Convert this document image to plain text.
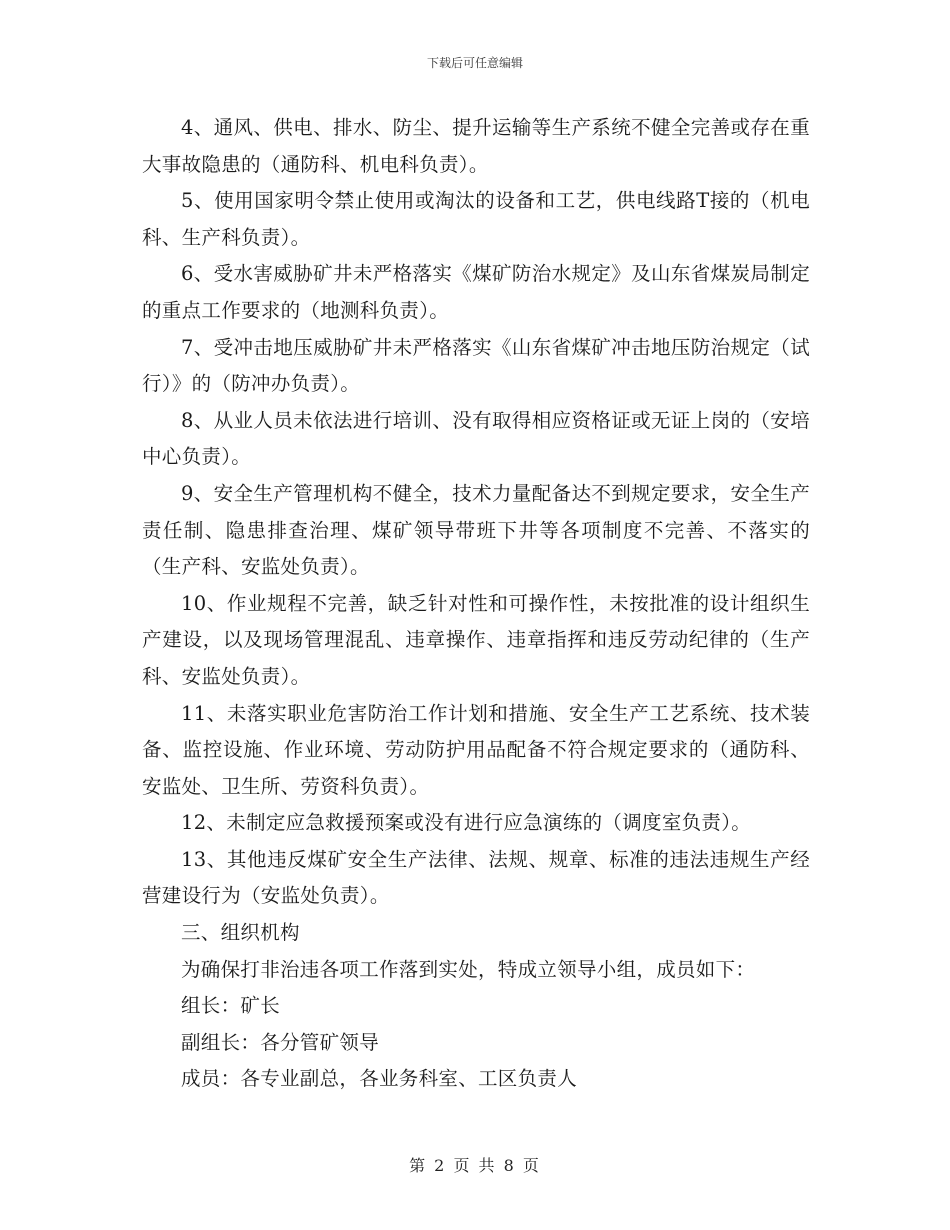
下载后可任意编辑

4、通风、供电、排水、防尘、提升运输等生产系统不健全完善或存在重大事故隐患的（通防科、机电科负责）。

5、使用国家明令禁止使用或淘汰的设备和工艺，供电线路T接的（机电科、生产科负责）。

6、受水害威胁矿井未严格落实《煤矿防治水规定》及山东省煤炭局制定的重点工作要求的（地测科负责）。

7、受冲击地压威胁矿井未严格落实《山东省煤矿冲击地压防治规定（试行）》的（防冲办负责）。

8、从业人员未依法进行培训、没有取得相应资格证或无证上岗的（安培中心负责）。

9、安全生产管理机构不健全，技术力量配备达不到规定要求，安全生产责任制、隐患排查治理、煤矿领导带班下井等各项制度不完善、不落实的（生产科、安监处负责）。

10、作业规程不完善，缺乏针对性和可操作性，未按批准的设计组织生产建设，以及现场管理混乱、违章操作、违章指挥和违反劳动纪律的（生产科、安监处负责）。

11、未落实职业危害防治工作计划和措施、安全生产工艺系统、技术装备、监控设施、作业环境、劳动防护用品配备不符合规定要求的（通防科、安监处、卫生所、劳资科负责）。

12、未制定应急救援预案或没有进行应急演练的（调度室负责）。

13、其他违反煤矿安全生产法律、法规、规章、标准的违法违规生产经营建设行为（安监处负责）。

三、组织机构

为确保打非治违各项工作落到实处，特成立领导小组，成员如下：

组长：矿长

副组长：各分管矿领导

成员：各专业副总，各业务科室、工区负责人

第 2 页 共 8 页
